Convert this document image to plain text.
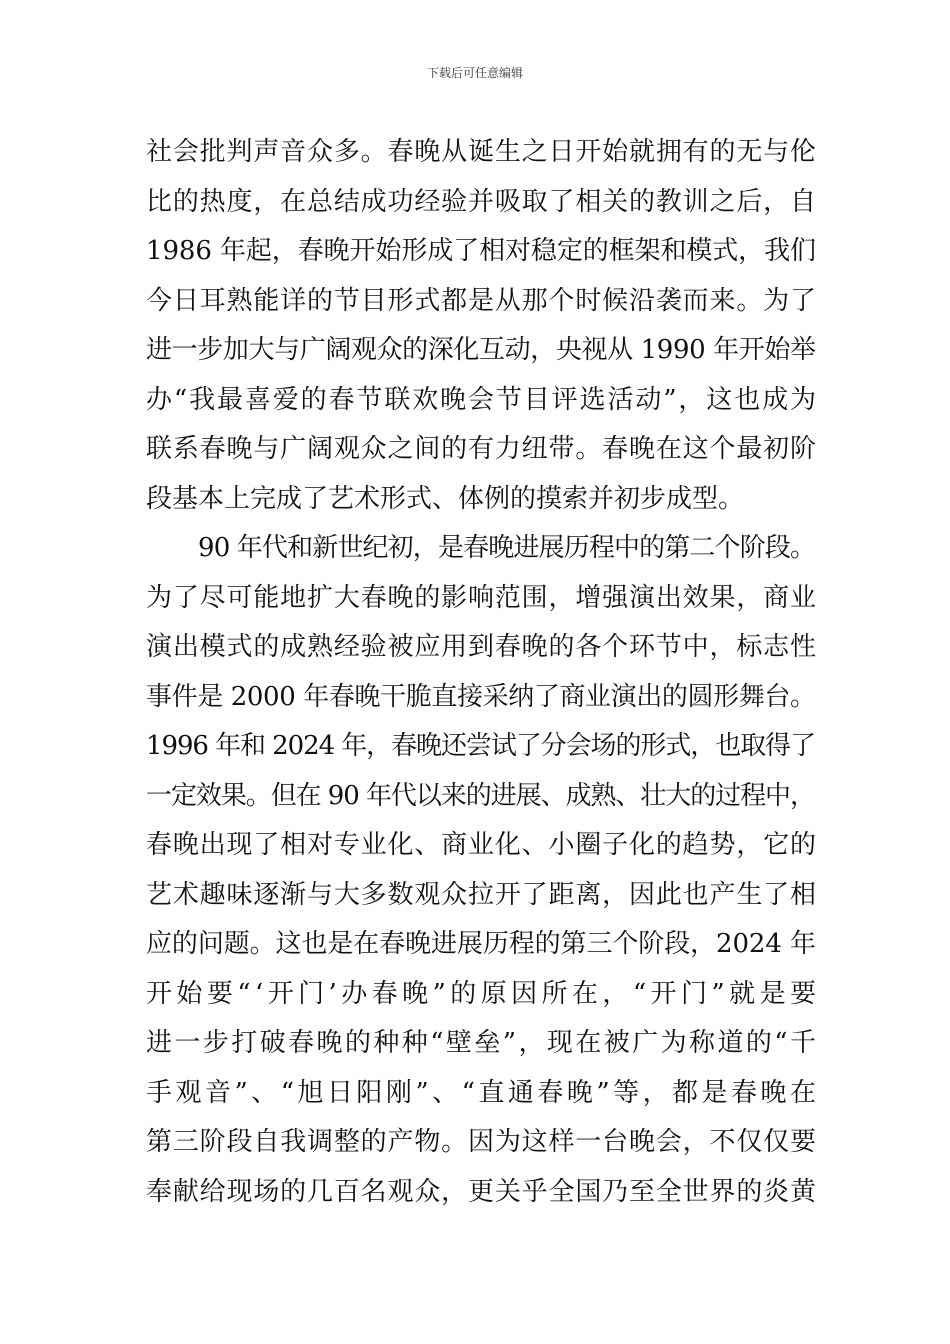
下载后可任意编辑
社会批判声音众多。春晚从诞生之日开始就拥有的无与伦
比的热度，在总结成功经验并吸取了相关的教训之后，自
1986 年起，春晚开始形成了相对稳定的框架和模式，我们
今日耳熟能详的节目形式都是从那个时候沿袭而来。为了
进一步加大与广阔观众的深化互动，央视从 1990 年开始举
办“我最喜爱的春节联欢晚会节目评选活动”，这也成为
联系春晚与广阔观众之间的有力纽带。春晚在这个最初阶
段基本上完成了艺术形式、体例的摸索并初步成型。
90 年代和新世纪初，是春晚进展历程中的第二个阶段。
为了尽可能地扩大春晚的影响范围，增强演出效果，商业
演出模式的成熟经验被应用到春晚的各个环节中，标志性
事件是 2000 年春晚干脆直接采纳了商业演出的圆形舞台。
1996 年和 2024 年，春晚还尝试了分会场的形式，也取得了
一定效果。但在 90 年代以来的进展、成熟、壮大的过程中，
春晚出现了相对专业化、商业化、小圈子化的趋势，它的
艺术趣味逐渐与大多数观众拉开了距离，因此也产生了相
应的问题。这也是在春晚进展历程的第三个阶段，2024 年
开始要“‘开门’办春晚”的原因所在，“开门”就是要
进一步打破春晚的种种“壁垒”，现在被广为称道的“千
手观音”、“旭日阳刚”、“直通春晚”等，都是春晚在
第三阶段自我调整的产物。因为这样一台晚会，不仅仅要
奉献给现场的几百名观众，更关乎全国乃至全世界的炎黄
